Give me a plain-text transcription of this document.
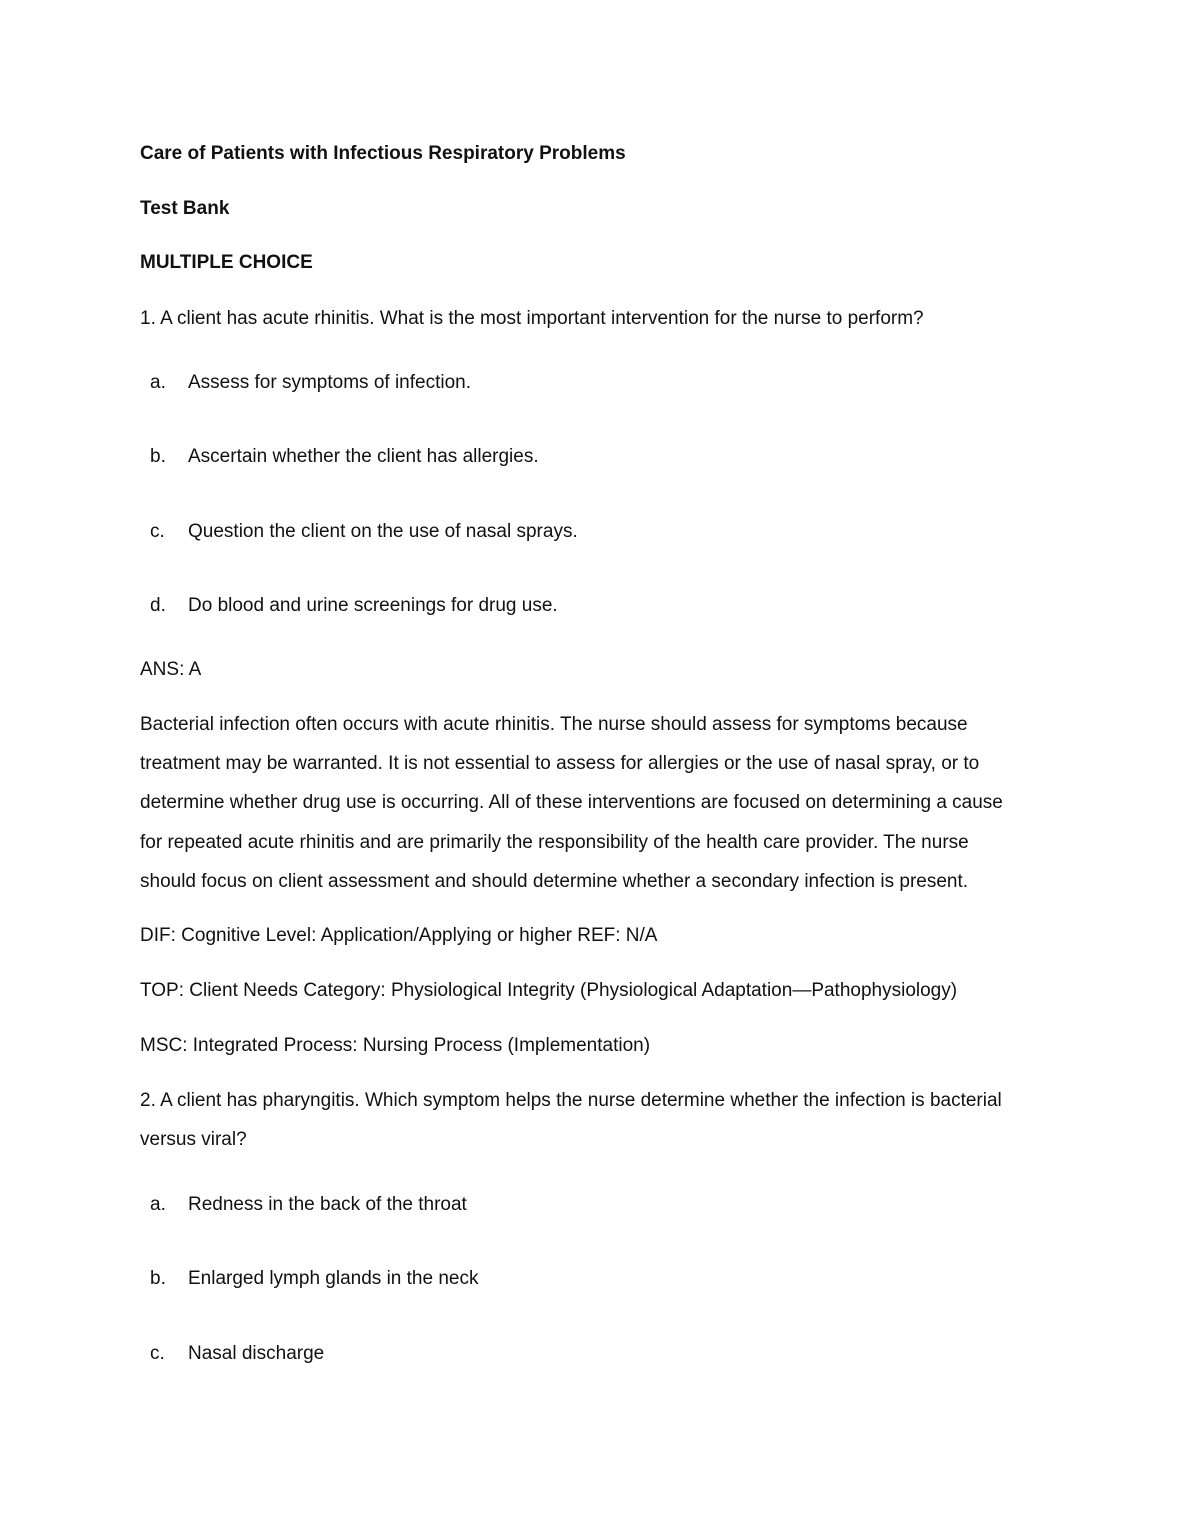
Care of Patients with Infectious Respiratory Problems
Test Bank
MULTIPLE CHOICE
1. A client has acute rhinitis. What is the most important intervention for the nurse to perform?
a. Assess for symptoms of infection.
b. Ascertain whether the client has allergies.
c. Question the client on the use of nasal sprays.
d. Do blood and urine screenings for drug use.
ANS: A
Bacterial infection often occurs with acute rhinitis. The nurse should assess for symptoms because
treatment may be warranted. It is not essential to assess for allergies or the use of nasal spray, or to
determine whether drug use is occurring. All of these interventions are focused on determining a cause
for repeated acute rhinitis and are primarily the responsibility of the health care provider. The nurse
should focus on client assessment and should determine whether a secondary infection is present.
DIF: Cognitive Level: Application/Applying or higher REF: N/A
TOP: Client Needs Category: Physiological Integrity (Physiological Adaptation—Pathophysiology)
MSC: Integrated Process: Nursing Process (Implementation)
2. A client has pharyngitis. Which symptom helps the nurse determine whether the infection is bacterial
versus viral?
a. Redness in the back of the throat
b. Enlarged lymph glands in the neck
c. Nasal discharge
